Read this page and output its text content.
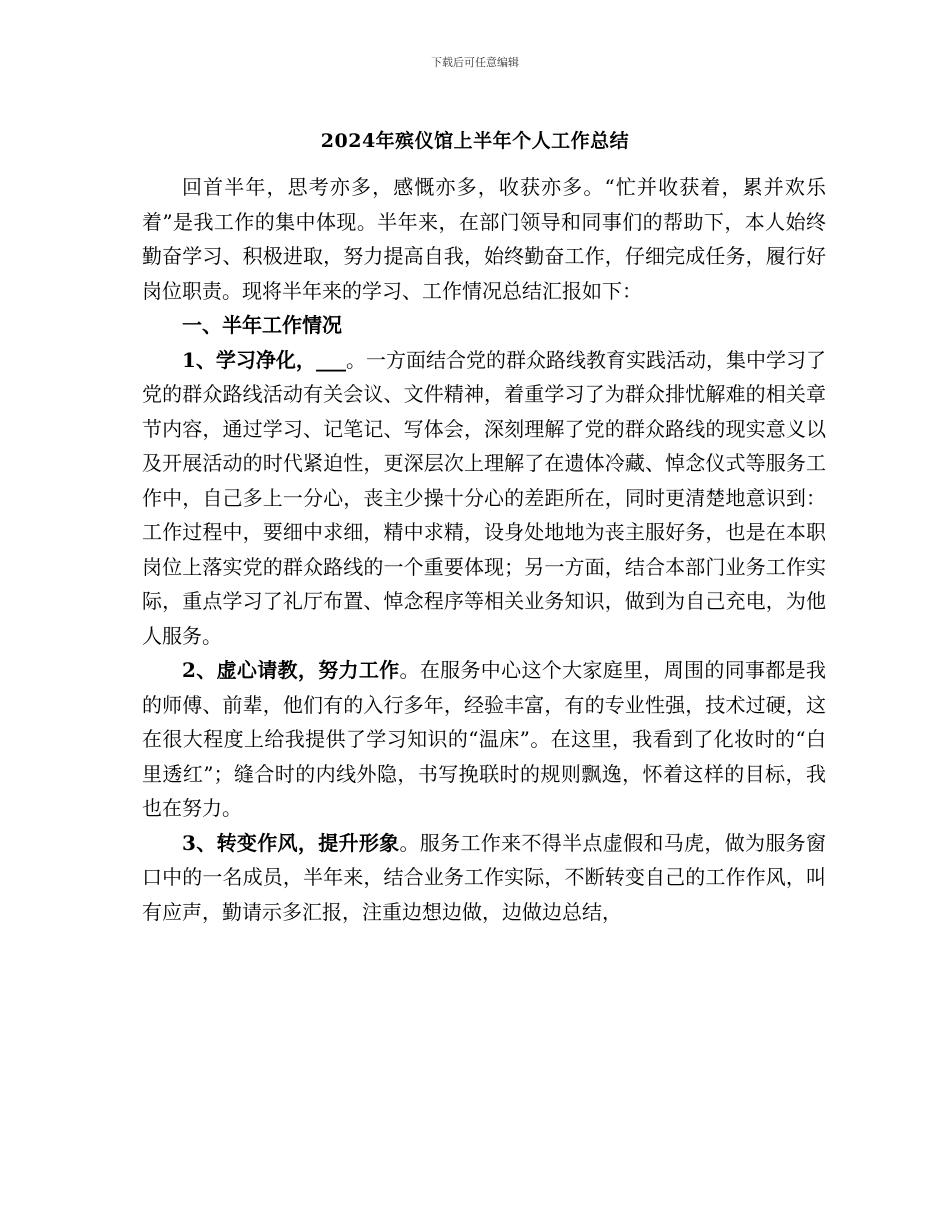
下载后可任意编辑
2024年殡仪馆上半年个人工作总结

回首半年，思考亦多，感慨亦多，收获亦多。“忙并收获着，累并欢乐着”是我工作的集中体现。半年来，在部门领导和同事们的帮助下，本人始终勤奋学习、积极进取，努力提高自我，始终勤奋工作，仔细完成任务，履行好岗位职责。现将半年来的学习、工作情况总结汇报如下：

一、半年工作情况

1、学习净化，___。一方面结合党的群众路线教育实践活动，集中学习了党的群众路线活动有关会议、文件精神，着重学习了为群众排忧解难的相关章节内容，通过学习、记笔记、写体会，深刻理解了党的群众路线的现实意义以及开展活动的时代紧迫性，更深层次上理解了在遗体冷藏、悼念仪式等服务工作中，自己多上一分心，丧主少操十分心的差距所在，同时更清楚地意识到：工作过程中，要细中求细，精中求精，设身处地地为丧主服好务，也是在本职岗位上落实党的群众路线的一个重要体现；另一方面，结合本部门业务工作实际，重点学习了礼厅布置、悼念程序等相关业务知识，做到为自己充电，为他人服务。

2、虚心请教，努力工作。在服务中心这个大家庭里，周围的同事都是我的师傅、前辈，他们有的入行多年，经验丰富，有的专业性强，技术过硬，这在很大程度上给我提供了学习知识的“温床”。在这里，我看到了化妆时的“白里透红”；缝合时的内线外隐，书写挽联时的规则飘逸，怀着这样的目标，我也在努力。

3、转变作风，提升形象。服务工作来不得半点虚假和马虎，做为服务窗口中的一名成员，半年来，结合业务工作实际，不断转变自己的工作作风，叫有应声，勤请示多汇报，注重边想边做，边做边总结，
